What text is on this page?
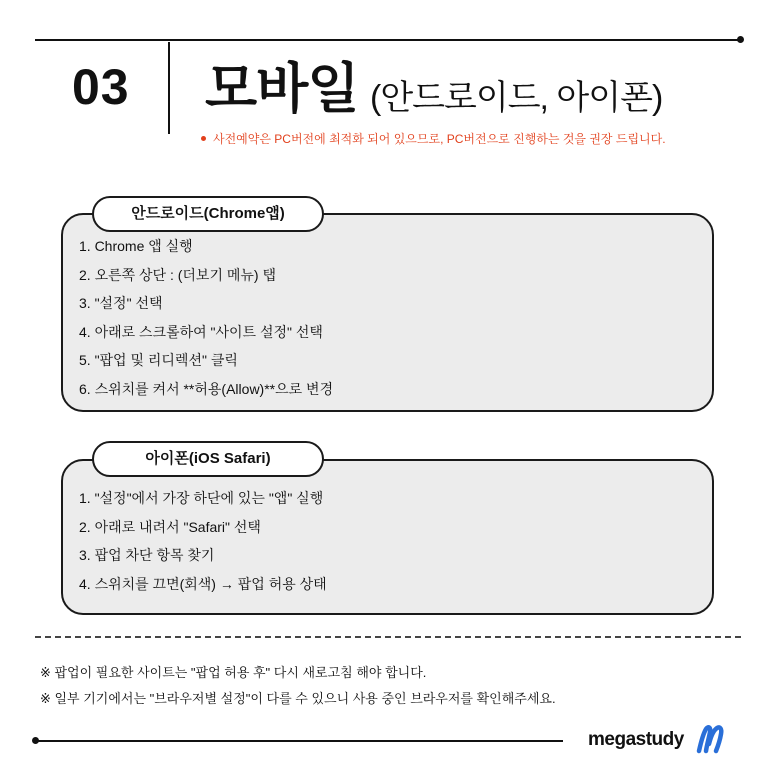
03 모바일 (안드로이드, 아이폰)
사전예약은 PC버전에 최적화 되어 있으므로, PC버전으로 진행하는 것을 권장 드립니다.
안드로이드(Chrome앱)
1. Chrome 앱 실행
2. 오른쪽 상단 : (더보기 메뉴) 탭
3. "설정" 선택
4. 아래로 스크롤하여 "사이트 설정" 선택
5. "팝업 및 리디렉션" 클릭
6. 스위치를 켜서 **허용(Allow)**으로 변경
아이폰(iOS Safari)
1. "설정"에서 가장 하단에 있는 "앱" 실행
2. 아래로 내려서 "Safari" 선택
3. 팝업 차단 항목 찾기
4. 스위치를 끄면(회색) → 팝업 허용 상태
※ 팝업이 필요한 사이트는 "팝업 허용 후" 다시 새로고침 해야 합니다.
※ 일부 기기에서는 "브라우저별 설정"이 다를 수 있으니 사용 중인 브라우저를 확인해주세요.
megastudy
